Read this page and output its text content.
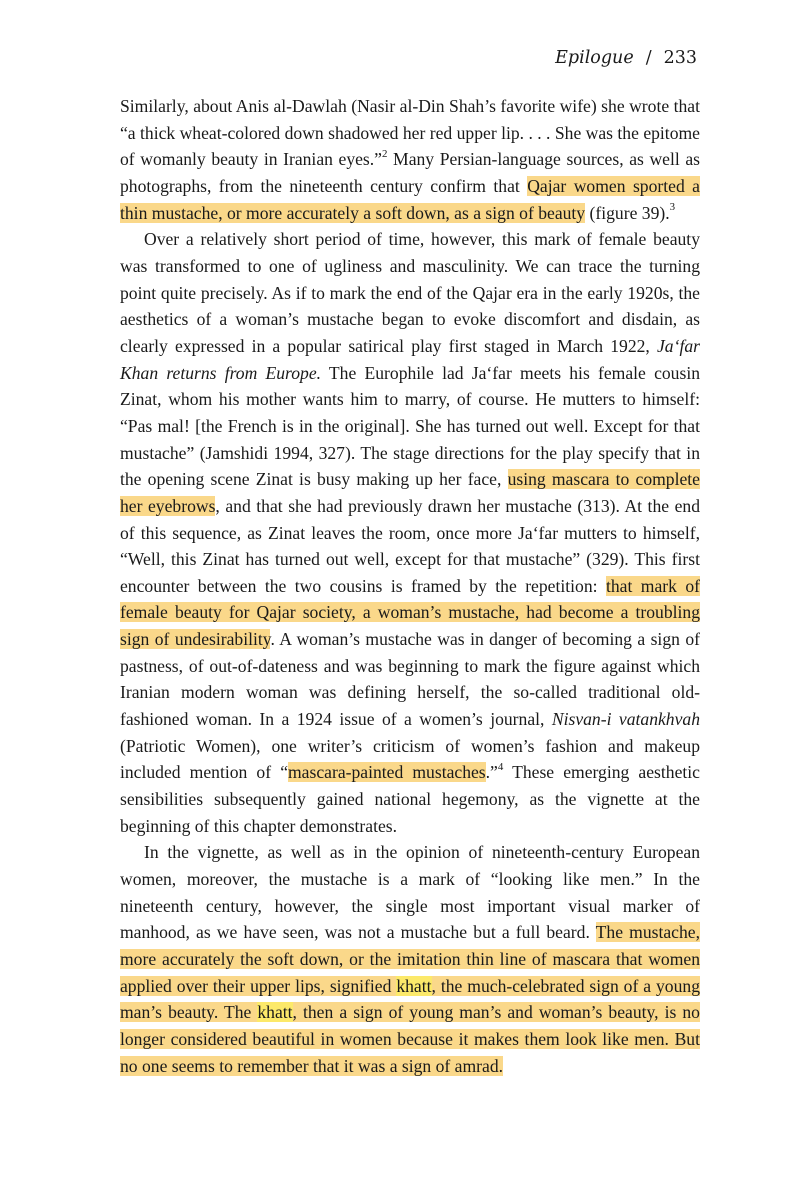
Epilogue / 233

Similarly, about Anis al-Dawlah (Nasir al-Din Shah’s favorite wife) she wrote that “a thick wheat-colored down shadowed her red upper lip. . . . She was the epitome of womanly beauty in Iranian eyes.”$^2$ Many Persian-language sources, as well as photographs, from the nineteenth century confirm that Qajar women sported a thin mustache, or more accurately a soft down, as a sign of beauty (figure 39).$^3$

Over a relatively short period of time, however, this mark of female beauty was transformed to one of ugliness and masculinity. We can trace the turning point quite precisely. As if to mark the end of the Qajar era in the early 1920s, the aesthetics of a woman’s mustache began to evoke discomfort and disdain, as clearly expressed in a popular satirical play first staged in March 1922, Ja‘far Khan returns from Europe. The Europhile lad Ja‘far meets his female cousin Zinat, whom his mother wants him to marry, of course. He mutters to himself: “Pas mal! [the French is in the original]. She has turned out well. Except for that mustache” (Jamshidi 1994, 327). The stage directions for the play specify that in the opening scene Zinat is busy making up her face, using mascara to complete her eyebrows, and that she had previously drawn her mustache (313). At the end of this sequence, as Zinat leaves the room, once more Ja‘far mutters to himself, “Well, this Zinat has turned out well, except for that mustache” (329). This first encounter between the two cousins is framed by the repetition: that mark of female beauty for Qajar society, a woman’s mustache, had become a troubling sign of undesirability. A woman’s mustache was in danger of becoming a sign of pastness, of out-of-dateness and was beginning to mark the figure against which Iranian modern woman was defining herself, the so-called traditional old-fashioned woman. In a 1924 issue of a women’s journal, Nisvan-i vatankhvah (Patriotic Women), one writer’s criticism of women’s fashion and makeup included mention of “mascara-painted mustaches.”$^4$ These emerging aesthetic sensibilities subsequently gained national hegemony, as the vignette at the beginning of this chapter demonstrates.

In the vignette, as well as in the opinion of nineteenth-century European women, moreover, the mustache is a mark of “looking like men.” In the nineteenth century, however, the single most important visual marker of manhood, as we have seen, was not a mustache but a full beard. The mustache, more accurately the soft down, or the imitation thin line of mascara that women applied over their upper lips, signified khatt, the much-celebrated sign of a young man’s beauty. The khatt, then a sign of young man’s and woman’s beauty, is no longer considered beautiful in women because it makes them look like men. But no one seems to remember that it was a sign of amrad.
